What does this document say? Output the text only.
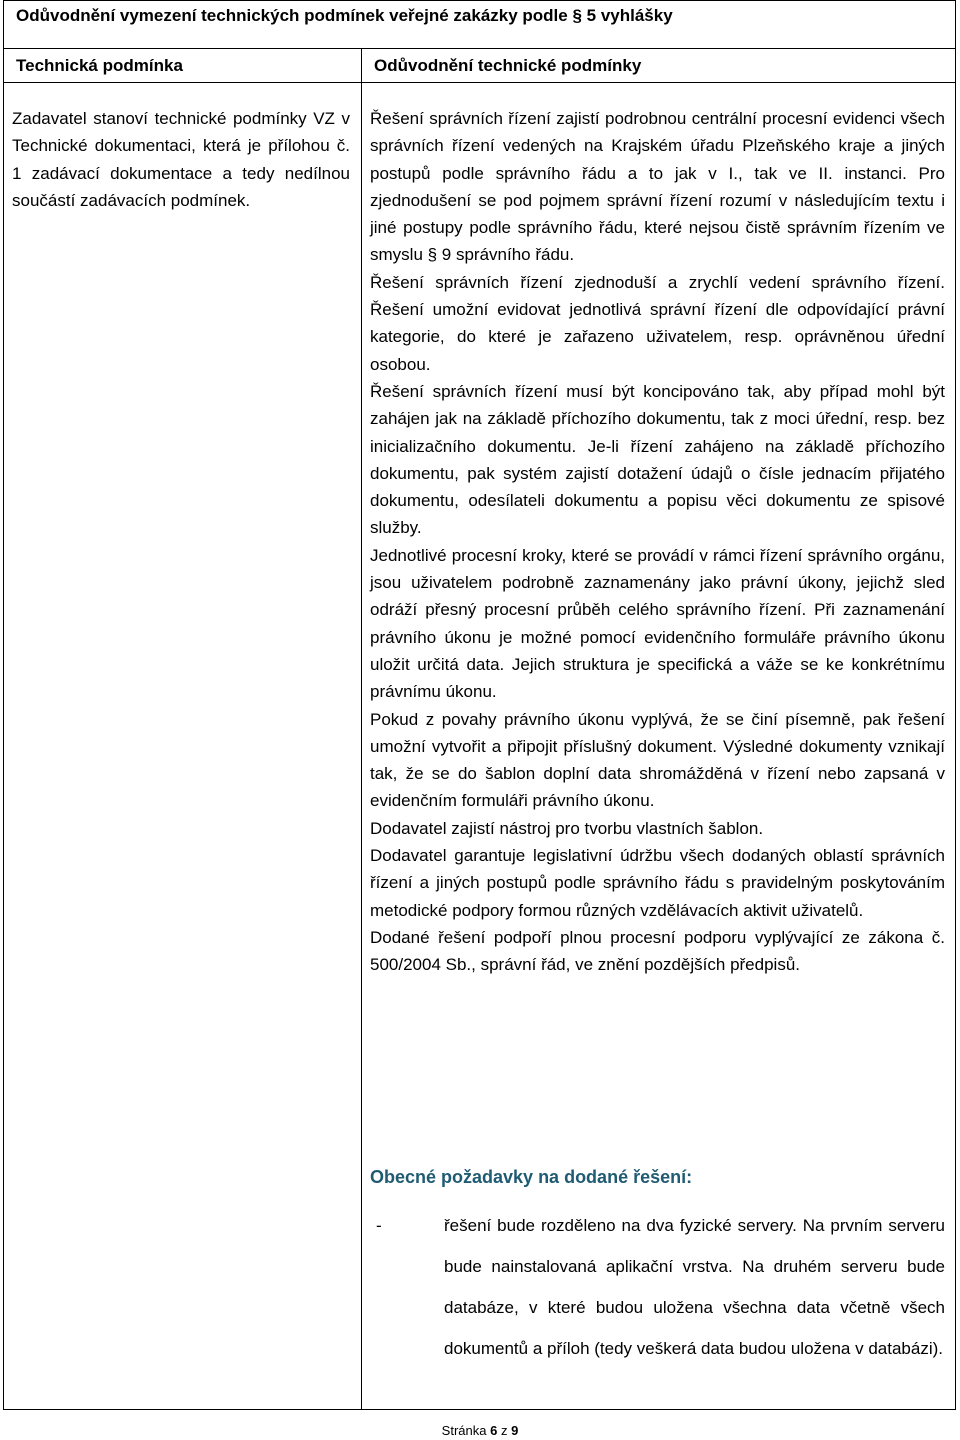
Odůvodnění vymezení technických podmínek veřejné zakázky podle § 5 vyhlášky
Technická podmínka	Odůvodnění technické podmínky
Zadavatel stanoví technické podmínky VZ v Technické dokumentaci, která je přílohou č. 1 zadávací dokumentace a tedy nedílnou součástí zadávacích podmínek.

Řešení správních řízení zajistí podrobnou centrální procesní evidenci všech správních řízení vedených na Krajském úřadu Plzeňského kraje a jiných postupů podle správního řádu a to jak v I., tak ve II. instanci. Pro zjednodušení se pod pojmem správní řízení rozumí v následujícím textu i jiné postupy podle správního řádu, které nejsou čistě správním řízením ve smyslu § 9 správního řádu.

Řešení správních řízení zjednoduší a zrychlí vedení správního řízení. Řešení umožní evidovat jednotlivá správní řízení dle odpovídající právní kategorie, do které je zařazeno uživatelem, resp. oprávněnou úřední osobou.

Řešení správních řízení musí být koncipováno tak, aby případ mohl být zahájen jak na základě příchozího dokumentu, tak z moci úřední, resp. bez inicializačního dokumentu. Je-li řízení zahájeno na základě příchozího dokumentu, pak systém zajistí dotažení údajů o čísle jednacím přijatého dokumentu, odesílateli dokumentu a popisu věci dokumentu ze spisové služby.

Jednotlivé procesní kroky, které se provádí v rámci řízení správního orgánu, jsou uživatelem podrobně zaznamenány jako právní úkony, jejichž sled odráží přesný procesní průběh celého správního řízení. Při zaznamenání právního úkonu je možné pomocí evidenčního formuláře právního úkonu uložit určitá data. Jejich struktura je specifická a váže se ke konkrétnímu právnímu úkonu.

Pokud z povahy právního úkonu vyplývá, že se činí písemně, pak řešení umožní vytvořit a připojit příslušný dokument. Výsledné dokumenty vznikají tak, že se do šablon doplní data shromážděná v řízení nebo zapsaná v evidenčním formuláři právního úkonu.

Dodavatel zajistí nástroj pro tvorbu vlastních šablon.

Dodavatel garantuje legislativní údržbu všech dodaných oblastí správních řízení a jiných postupů podle správního řádu s pravidelným poskytováním metodické podpory formou různých vzdělávacích aktivit uživatelů.

Dodané řešení podpoří plnou procesní podporu vyplývající ze zákona č. 500/2004 Sb., správní řád, ve znění pozdějších předpisů.

Obecné požadavky na dodané řešení:
-	řešení bude rozděleno na dva fyzické servery. Na prvním serveru bude nainstalovaná aplikační vrstva. Na druhém serveru bude databáze, v které budou uložena všechna data včetně všech dokumentů a příloh (tedy veškerá data budou uložena v databázi).
Stránka 6 z 9
